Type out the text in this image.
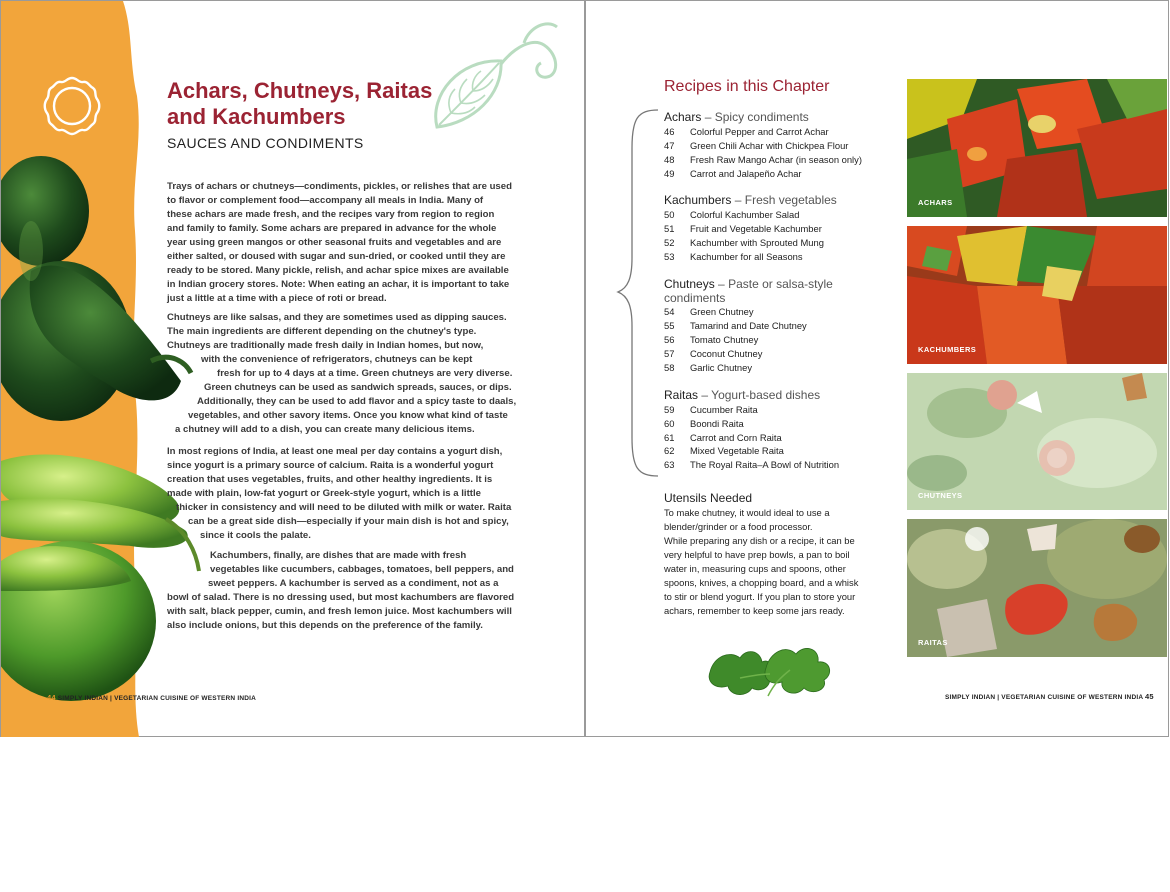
Achars, Chutneys, Raitas
and Kachumbers
SAUCES AND CONDIMENTS

Trays of achars or chutneys—condiments, pickles, or relishes that are used
to flavor or complement food—accompany all meals in India. Many of
these achars are made fresh, and the recipes vary from region to region
and family to family. Some achars are prepared in advance for the whole
year using green mangos or other seasonal fruits and vegetables and are
either salted, or doused with sugar and sun-dried, or cooked until they are
ready to be stored. Many pickle, relish, and achar spice mixes are available
in Indian grocery stores. Note: When eating an achar, it is important to take
just a little at a time with a piece of roti or bread.

Chutneys are like salsas, and they are sometimes used as dipping sauces.
The main ingredients are different depending on the chutney's type.
Chutneys are traditionally made fresh daily in Indian homes, but now,
with the convenience of refrigerators, chutneys can be kept
fresh for up to 4 days at a time. Green chutneys are very diverse.
Green chutneys can be used as sandwich spreads, sauces, or dips.
Additionally, they can be used to add flavor and a spicy taste to daals,
vegetables, and other savory items. Once you know what kind of taste
a chutney will add to a dish, you can create many delicious items.

In most regions of India, at least one meal per day contains a yogurt dish,
since yogurt is a primary source of calcium. Raita is a wonderful yogurt
creation that uses vegetables, fruits, and other healthy ingredients. It is
made with plain, low-fat yogurt or Greek-style yogurt, which is a little
thicker in consistency and will need to be diluted with milk or water. Raita
can be a great side dish—especially if your main dish is hot and spicy,
since it cools the palate.

Kachumbers, finally, are dishes that are made with fresh
vegetables like cucumbers, cabbages, tomatoes, bell peppers, and
sweet peppers. A kachumber is served as a condiment, not as a
bowl of salad. There is no dressing used, but most kachumbers are flavored
with salt, black pepper, cumin, and fresh lemon juice. Most kachumbers will
also include onions, but this depends on the preference of the family.

44 SIMPLY INDIAN | VEGETARIAN CUISINE OF WESTERN INDIA
Recipes in this Chapter
Achars – Spicy condiments
46 Colorful Pepper and Carrot Achar
47 Green Chili Achar with Chickpea Flour
48 Fresh Raw Mango Achar (in season only)
49 Carrot and Jalapeño Achar
Kachumbers – Fresh vegetables
50 Colorful Kachumber Salad
51 Fruit and Vegetable Kachumber
52 Kachumber with Sprouted Mung
53 Kachumber for all Seasons
Chutneys – Paste or salsa-style
condiments
54 Green Chutney
55 Tamarind and Date Chutney
56 Tomato Chutney
57 Coconut Chutney
58 Garlic Chutney
Raitas – Yogurt-based dishes
59 Cucumber Raita
60 Boondi Raita
61 Carrot and Corn Raita
62 Mixed Vegetable Raita
63 The Royal Raita–A Bowl of Nutrition
Utensils Needed

To make chutney, it would ideal to use a
blender/grinder or a food processor.
While preparing any dish or a recipe, it can be
very helpful to have prep bowls, a pan to boil
water in, measuring cups and spoons, other
spoons, knives, a chopping board, and a whisk
to stir or blend yogurt. If you plan to store your
achars, remember to keep some jars ready.

ACHARS
KACHUMBERS
CHUTNEYS
RAITAS
SIMPLY INDIAN | VEGETARIAN CUISINE OF WESTERN INDIA 45
